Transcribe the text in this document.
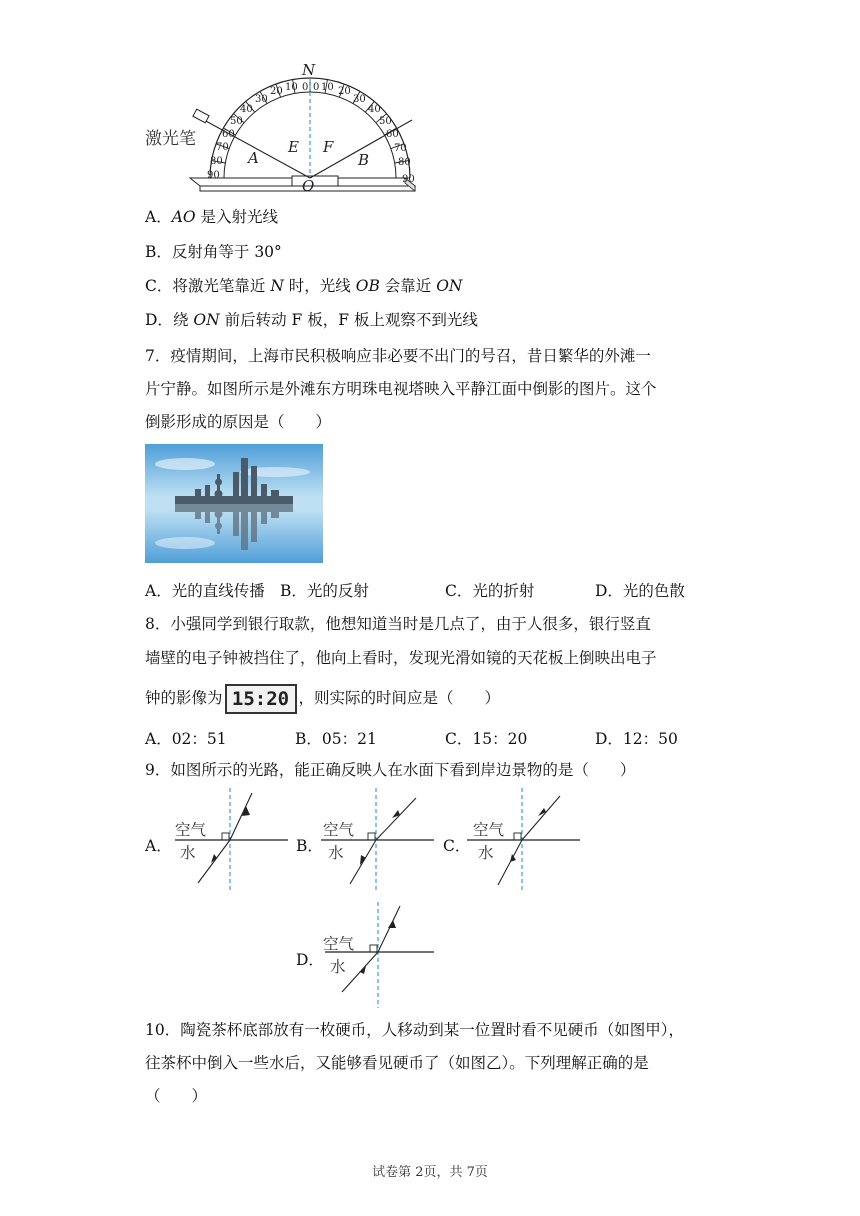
激光笔
90
80
70
60
50
40
30
20 10 0 0 10 20
30
40
50
60
70
80
90
N
E F
A	B
O
A．AO 是入射光线
B．反射角等于 30°
C．将激光笔靠近 N 时，光线 OB 会靠近 ON
D．绕 ON 前后转动 F 板，F 板上观察不到光线
7．疫情期间，上海市民积极响应非必要不出门的号召，昔日繁华的外滩一
片宁静。如图所示是外滩东方明珠电视塔映入平静江面中倒影的图片。这个
倒影形成的原因是（　　）
A．光的直线传播 B．光的反射	C．光的折射	D．光的色散
8．小强同学到银行取款，他想知道当时是几点了，由于人很多，银行竖直
墙壁的电子钟被挡住了，他向上看时，发现光滑如镜的天花板上倒映出电子
钟的影像为 15:20 ，则实际的时间应是（　　）
A．02：51	B．05：21	C．15：20	D．12：50
9．如图所示的光路，能正确反映人在水面下看到岸边景物的是（　　）
A．
空气
水	B．
空气
水	C．
空气
水
D．
空气
水
10．陶瓷茶杯底部放有一枚硬币，人移动到某一位置时看不见硬币（如图甲），
往茶杯中倒入一些水后，又能够看见硬币了（如图乙）。下列理解正确的是
（　　）
试卷第 2页，共 7页
